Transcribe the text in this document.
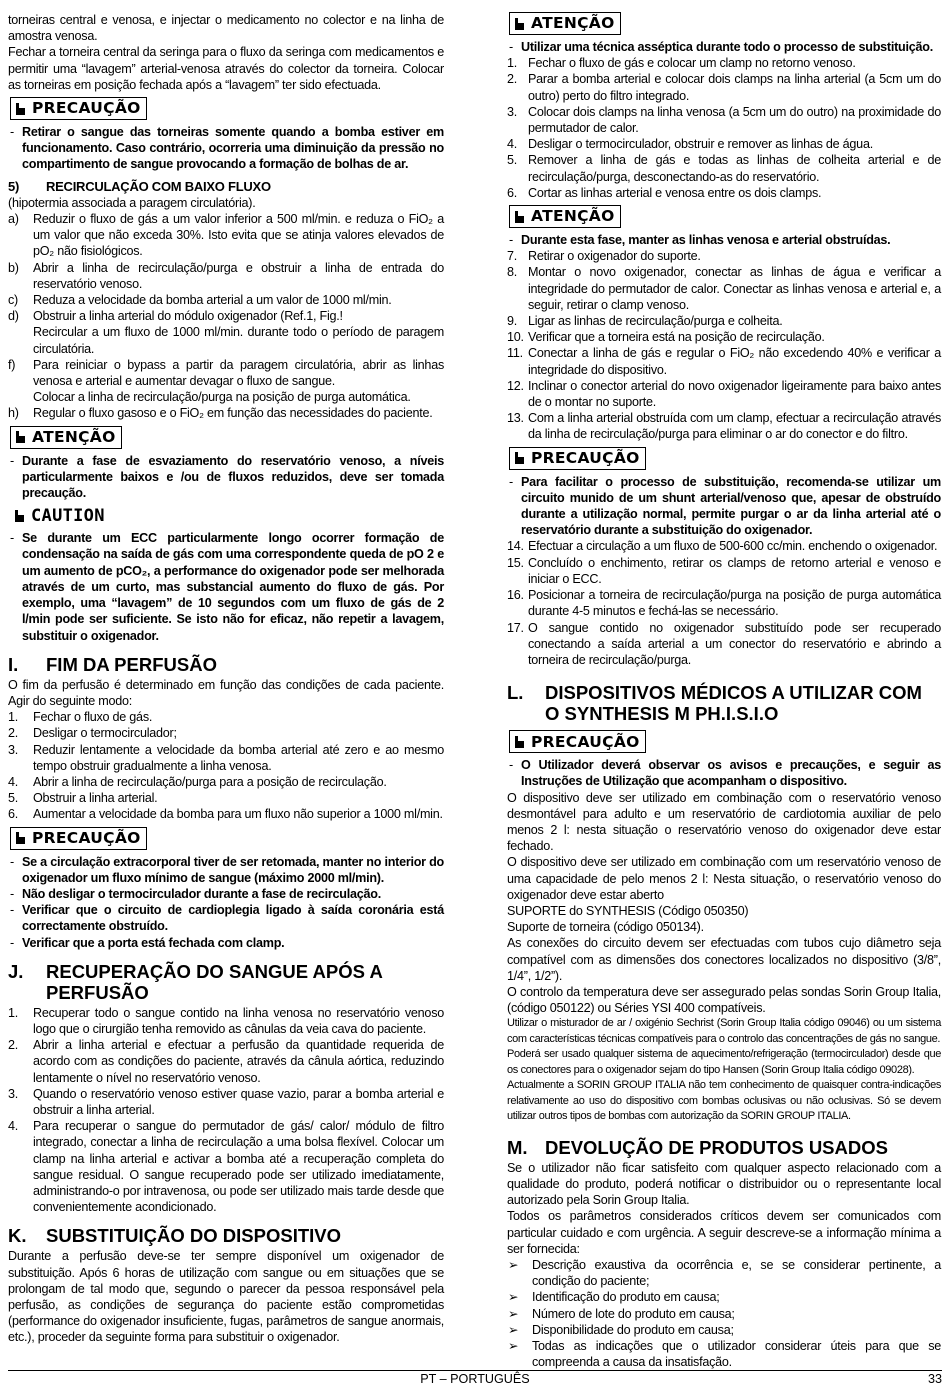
torneiras central e venosa, e injectar o medicamento no colector e na linha de amostra venosa.

Fechar a torneira central da seringa para o fluxo da seringa com medicamentos e permitir uma “lavagem” arterial-venosa através do colector da torneira. Colocar as torneiras em posição fechada após a “lavagem” ter sido efectuada.

PRECAUÇÃO

- Retirar o sangue das torneiras somente quando a bomba estiver em funcionamento. Caso contrário, ocorreria uma diminuição da pressão no compartimento de sangue provocando a formação de bolhas de ar.

5)	RECIRCULAÇÃO COM BAIXO FLUXO

(hipotermia associada a paragem circulatória).

a) Reduzir o fluxo de gás a um valor inferior a 500 ml/min. e reduza o FiO₂ a um valor que não exceda 30%. Isto evita que se atinja valores elevados de pO₂ não fisiológicos.
b) Abrir a linha de recirculação/purga e obstruir a linha de entrada do reservatório venoso.
c) Reduza a velocidade da bomba arterial a um valor de 1000 ml/min.
d) Obstruir a linha arterial do módulo oxigenador (Ref.1, Fig.!
Recircular a um fluxo de 1000 ml/min. durante todo o período de paragem circulatória.
f) Para reiniciar o bypass a partir da paragem circulatória, abrir as linhas venosa e arterial e aumentar devagar o fluxo de sangue.
Colocar a linha de recirculação/purga na posição de purga automática.
h) Regular o fluxo gasoso e o FiO₂ em função das necessidades do paciente.
ATENÇÃO

- Durante a fase de esvaziamento do reservatório venoso, a níveis particularmente baixos e /ou de fluxos reduzidos, deve ser tomada precaução.

CAUTION

- Se durante um ECC particularmente longo ocorrer formação de condensação na saída de gás com uma correspondente queda de pO 2 e um aumento de pCO₂, a performance do oxigenador pode ser melhorada através de um curto, mas substancial aumento do fluxo de gás. Por exemplo, uma “lavagem” de 10 segundos com um fluxo de gás de 2 l/min pode ser suficiente. Se isto não for eficaz, não repetir a lavagem, substituir o oxigenador.

I.	FIM DA PERFUSÃO

O fim da perfusão é determinado em função das condições de cada paciente. Agir do seguinte modo:

1. Fechar o fluxo de gás.
2. Desligar o termocirculador;
3. Reduzir lentamente a velocidade da bomba arterial até zero e ao mesmo tempo obstruir gradualmente a linha venosa.
4. Abrir a linha de recirculação/purga para a posição de recirculação.
5. Obstruir a linha arterial.
6. Aumentar a velocidade da bomba para um fluxo não superior a 1000 ml/min.
PRECAUÇÃO

- Se a circulação extracorporal tiver de ser retomada, manter no interior do oxigenador um fluxo mínimo de sangue (máximo 2000 ml/min).

- Não desligar o termocirculador durante a fase de recirculação.

- Verificar que o circuito de cardioplegia ligado à saída coronária está correctamente obstruído.

- Verificar que a porta está fechada com clamp.

J.	RECUPERAÇÃO DO SANGUE APÓS A PERFUSÃO
1. Recuperar todo o sangue contido na linha venosa no reservatório venoso logo que o cirurgião tenha removido as cânulas da veia cava do paciente.
2. Abrir a linha arterial e efectuar a perfusão da quantidade requerida de acordo com as condições do paciente, através da cânula aórtica, reduzindo lentamente o nível no reservatório venoso.
3. Quando o reservatório venoso estiver quase vazio, parar a bomba arterial e obstruir a linha arterial.
4. Para recuperar o sangue do permutador de gás/ calor/ módulo de filtro integrado, conectar a linha de recirculação a uma bolsa flexível. Colocar um clamp na linha arterial e activar a bomba até a recuperação completa do sangue residual. O sangue recuperado pode ser utilizado imediatamente, administrando-o por intravenosa, ou pode ser utilizado mais tarde desde que convenientemente acondicionado.
K.	SUBSTITUIÇÃO DO DISPOSITIVO

Durante a perfusão deve-se ter sempre disponível um oxigenador de substituição. Após 6 horas de utilização com sangue ou em situações que se prolongam de tal modo que, segundo o parecer da pessoa responsável pela perfusão, as condições de segurança do paciente estão comprometidas (performance do oxigenador insuficiente, fugas, parâmetros de sangue anormais, etc.), proceder da seguinte forma para substituir o oxigenador.

ATENÇÃO

- Utilizar uma técnica asséptica durante todo o processo de substituição.

1. Fechar o fluxo de gás e colocar um clamp no retorno venoso.
2. Parar a bomba arterial e colocar dois clamps na linha arterial (a 5cm um do outro) perto do filtro integrado.
3. Colocar dois clamps na linha venosa (a 5cm um do outro) na proximidade do permutador de calor.
4. Desligar o termocirculador, obstruir e remover as linhas de água.
5. Remover a linha de gás e todas as linhas de colheita arterial e de recirculação/purga, desconectando-as do reservatório.
6. Cortar as linhas arterial e venosa entre os dois clamps.
ATENÇÃO

- Durante esta fase, manter as linhas venosa e arterial obstruídas.

7. Retirar o oxigenador do suporte.
8. Montar o novo oxigenador, conectar as linhas de água e verificar a integridade do permutador de calor. Conectar as linhas venosa e arterial e, a seguir, retirar o clamp venoso.
9. Ligar as linhas de recirculação/purga e colheita.
10. Verificar que a torneira está na posição de recirculação.
11. Conectar a linha de gás e regular o FiO₂ não excedendo 40% e verificar a integridade do dispositivo.
12. Inclinar o conector arterial do novo oxigenador ligeiramente para baixo antes de o montar no suporte.
13. Com a linha arterial obstruída com um clamp, efectuar a recirculação através da linha de recirculação/purga para eliminar o ar do conector e do filtro.
PRECAUÇÃO

- Para facilitar o processo de substituição, recomenda-se utilizar um circuito munido de um shunt arterial/venoso que, apesar de obstruído durante a utilização normal, permite purgar o ar da linha arterial até o reservatório durante a substituição do oxigenador.

14. Efectuar a circulação a um fluxo de 500-600 cc/min. enchendo o oxigenador.
15. Concluído o enchimento, retirar os clamps de retorno arterial e venoso e iniciar o ECC.
16. Posicionar a torneira de recirculação/purga na posição de purga automática durante 4-5 minutos e fechá-las se necessário.
17. O sangue contido no oxigenador substituído pode ser recuperado conectando a saída arterial a um conector do reservatório e abrindo a torneira de recirculação/purga.
L.	DISPOSITIVOS MÉDICOS A UTILIZAR COM O SYNTHESIS M PH.I.S.I.O
PRECAUÇÃO

- O Utilizador deverá observar os avisos e precauções, e seguir as Instruções de Utilização que acompanham o dispositivo.

O dispositivo deve ser utilizado em combinação com o reservatório venoso desmontável para adulto e um reservatório de cardiotomia auxiliar de pelo menos 2 l: nesta situação o reservatório venoso do oxigenador deve estar fechado.

O dispositivo deve ser utilizado em combinação com um reservatório venoso de uma capacidade de pelo menos 2 l: Nesta situação, o reservatório venoso do oxigenador deve estar aberto

SUPORTE do SYNTHESIS (Código 050350)

Suporte de torneira (código 050134).

As conexões do circuito devem ser efectuadas com tubos cujo diâmetro seja compatível com as dimensões dos conectores localizados no dispositivo (3/8”, 1/4”, 1/2”).

O controlo da temperatura deve ser assegurado pelas sondas Sorin Group Italia, (código 050122) ou Séries YSI 400 compatíveis.

Utilizar o misturador de ar / oxigénio Sechrist (Sorin Group Italia código 09046) ou um sistema com características técnicas compatíveis para o controlo das concentrações de gás no sangue.

Poderá ser usado qualquer sistema de aquecimento/refrigeração (termocirculador) desde que os conectores para o oxigenador sejam do tipo Hansen (Sorin Group Italia código 09028).

Actualmente a SORIN GROUP ITALIA não tem conhecimento de quaisquer contra-indicações relativamente ao uso do dispositivo com bombas oclusivas ou não oclusivas. Só se devem utilizar outros tipos de bombas com autorização da SORIN GROUP ITALIA.

M. DEVOLUÇÃO DE PRODUTOS USADOS

Se o utilizador não ficar satisfeito com qualquer aspecto relacionado com a qualidade do produto, poderá notificar o distribuidor ou o representante local autorizado pela Sorin Group Italia.

Todos os parâmetros considerados críticos devem ser comunicados com particular cuidado e com urgência. A seguir descreve-se a informação mínima a ser fornecida:

➢ Descrição exaustiva da ocorrência e, se se considerar pertinente, a condição do paciente;
➢ Identificação do produto em causa;
➢ Número de lote do produto em causa;
➢ Disponibilidade do produto em causa;
➢ Todas as indicações que o utilizador considerar úteis para que se compreenda a causa da insatisfação.
PT – PORTUGUÊS	33
